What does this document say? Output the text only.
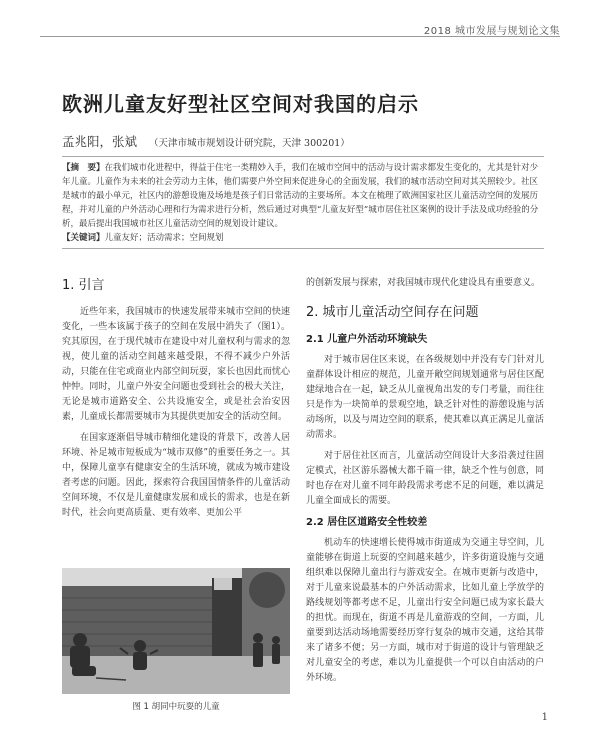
2018 城市发展与规划论文集
欧洲儿童友好型社区空间对我国的启示
孟兆阳，张斌 （天津市城市规划设计研究院，天津 300201）
【摘　要】在我们城市化进程中，得益于住宅一类精妙入手，我们在城市空间中的活动与设计需求都发生变化的，尤其是针对少年儿童。儿童作为未来的社会劳动力主体，他们需要户外空间来促进身心的全面发展，我们的城市活动空间对其关照较少。社区是城市的最小单元，社区内的游憩设施及场地是孩子们日常活动的主要场所。本文在梳理了欧洲国家社区儿童活动空间的发展历程，并对儿童的户外活动心理和行为需求进行分析，然后通过对典型“儿童友好型”城市居住社区案例的设计手法及成功经验的分析，最后提出我国城市社区儿童活动空间的规划设计建议。
【关键词】儿童友好；活动需求；空间规划
1. 引言

近些年来，我国城市的快速发展带来城市空间的快速变化，一些本该属于孩子的空间在发展中消失了（图1）。究其原因，在于现代城市在建设中对儿童权利与需求的忽视，使儿童的活动空间越来越受限，不得不减少户外活动，只能在住宅或商业内部空间玩耍，家长也因此而忧心忡忡。同时，儿童户外安全问题也受到社会的极大关注，无论是城市道路安全、公共设施安全，或是社会治安因素，儿童成长都需要城市为其提供更加安全的活动空间。

在国家逐渐倡导城市精细化建设的背景下，改善人居环境、补足城市短板成为“城市双修”的重要任务之一。其中，保障儿童享有健康安全的生活环境，就成为城市建设者考虑的问题。因此，探索符合我国国情条件的儿童活动空间环境，不仅是儿童健康发展和成长的需求，也是在新时代，社会向更高质量、更有效率、更加公平

图 1 胡同中玩耍的儿童

的创新发展与探索，对我国城市现代化建设具有重要意义。

2. 城市儿童活动空间存在问题
2.1 儿童户外活动环境缺失

对于城市居住区来说，在各级规划中并没有专门针对儿童群体设计相应的规范，儿童开敞空间规划通常与居住区配建绿地合在一起，缺乏从儿童视角出发的专门考量，而往往只是作为一块简单的景观空地，缺乏针对性的游憩设施与活动场所，以及与周边空间的联系，使其难以真正满足儿童活动需求。

对于居住社区而言，儿童活动空间设计大多沿袭过往固定模式，社区游乐器械大都千篇一律，缺乏个性与创意，同时也存在对儿童不同年龄段需求考虑不足的问题，难以满足儿童全面成长的需要。

2.2 居住区道路安全性较差

机动车的快速增长使得城市街道成为交通主导空间，儿童能够在街道上玩耍的空间越来越少，许多街道设施与交通组织难以保障儿童出行与游戏安全。在城市更新与改造中，对于儿童来说最基本的户外活动需求，比如儿童上学放学的路线规划等都考虑不足，儿童出行安全问题已成为家长最大的担忧。而现在，街道不再是儿童游戏的空间，一方面，儿童要到达活动场地需要经历穿行复杂的城市交通，这给其带来了诸多不便；另一方面，城市对于街道的设计与管理缺乏对儿童安全的考虑，难以为儿童提供一个可以自由活动的户外环境。

1
